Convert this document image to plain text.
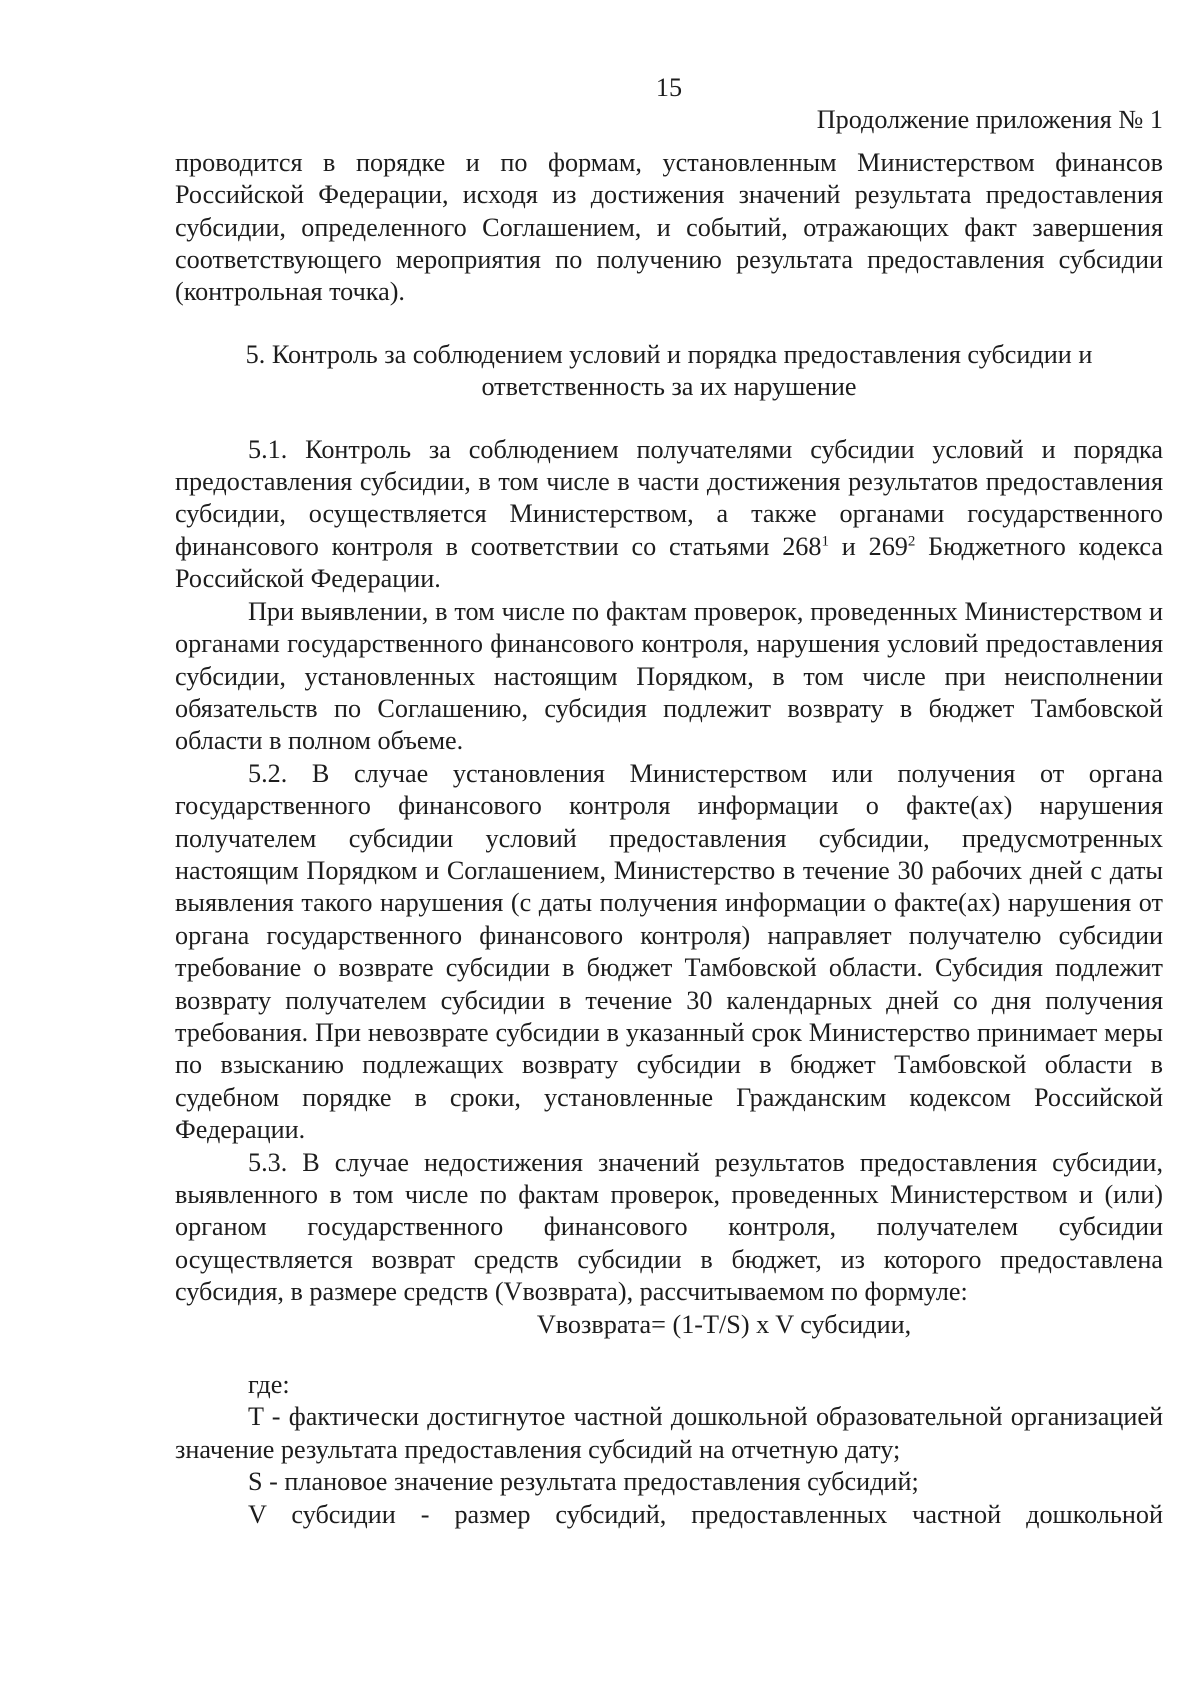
15
Продолжение приложения № 1

проводится в порядке и по формам, установленным Министерством финансов Российской Федерации, исходя из достижения значений результата предоставления субсидии, определенного Соглашением, и событий, отражающих факт завершения соответствующего мероприятия по получению результата предоставления субсидии (контрольная точка).

5. Контроль за соблюдением условий и порядка предоставления субсидии и
ответственность за их нарушение

5.1. Контроль за соблюдением получателями субсидии условий и порядка предоставления субсидии, в том числе в части достижения результатов предоставления субсидии, осуществляется Министерством, а также органами государственного финансового контроля в соответствии со статьями $268^1$ и $269^2$ Бюджетного кодекса Российской Федерации.

При выявлении, в том числе по фактам проверок, проведенных Министерством и органами государственного финансового контроля, нарушения условий предоставления субсидии, установленных настоящим Порядком, в том числе при неисполнении обязательств по Соглашению, субсидия подлежит возврату в бюджет Тамбовской области в полном объеме.

5.2. В случае установления Министерством или получения от органа государственного финансового контроля информации о факте(ах) нарушения получателем субсидии условий предоставления субсидии, предусмотренных настоящим Порядком и Соглашением, Министерство в течение 30 рабочих дней с даты выявления такого нарушения (с даты получения информации о факте(ах) нарушения от органа государственного финансового контроля) направляет получателю субсидии требование о возврате субсидии в бюджет Тамбовской области. Субсидия подлежит возврату получателем субсидии в течение 30 календарных дней со дня получения требования. При невозврате субсидии в указанный срок Министерство принимает меры по взысканию подлежащих возврату субсидии в бюджет Тамбовской области в судебном порядке в сроки, установленные Гражданским кодексом Российской Федерации.

5.3. В случае недостижения значений результатов предоставления субсидии, выявленного в том числе по фактам проверок, проведенных Министерством и (или) органом государственного финансового контроля, получателем субсидии осуществляется возврат средств субсидии в бюджет, из которого предоставлена субсидия, в размере средств (Vвозврата), рассчитываемом по формуле:

Vвозврата= (1-T/S) x V субсидии,

где:

T - фактически достигнутое частной дошкольной образовательной организацией значение результата предоставления субсидий на отчетную дату;

S - плановое значение результата предоставления субсидий;

V субсидии - размер субсидий, предоставленных частной дошкольной
